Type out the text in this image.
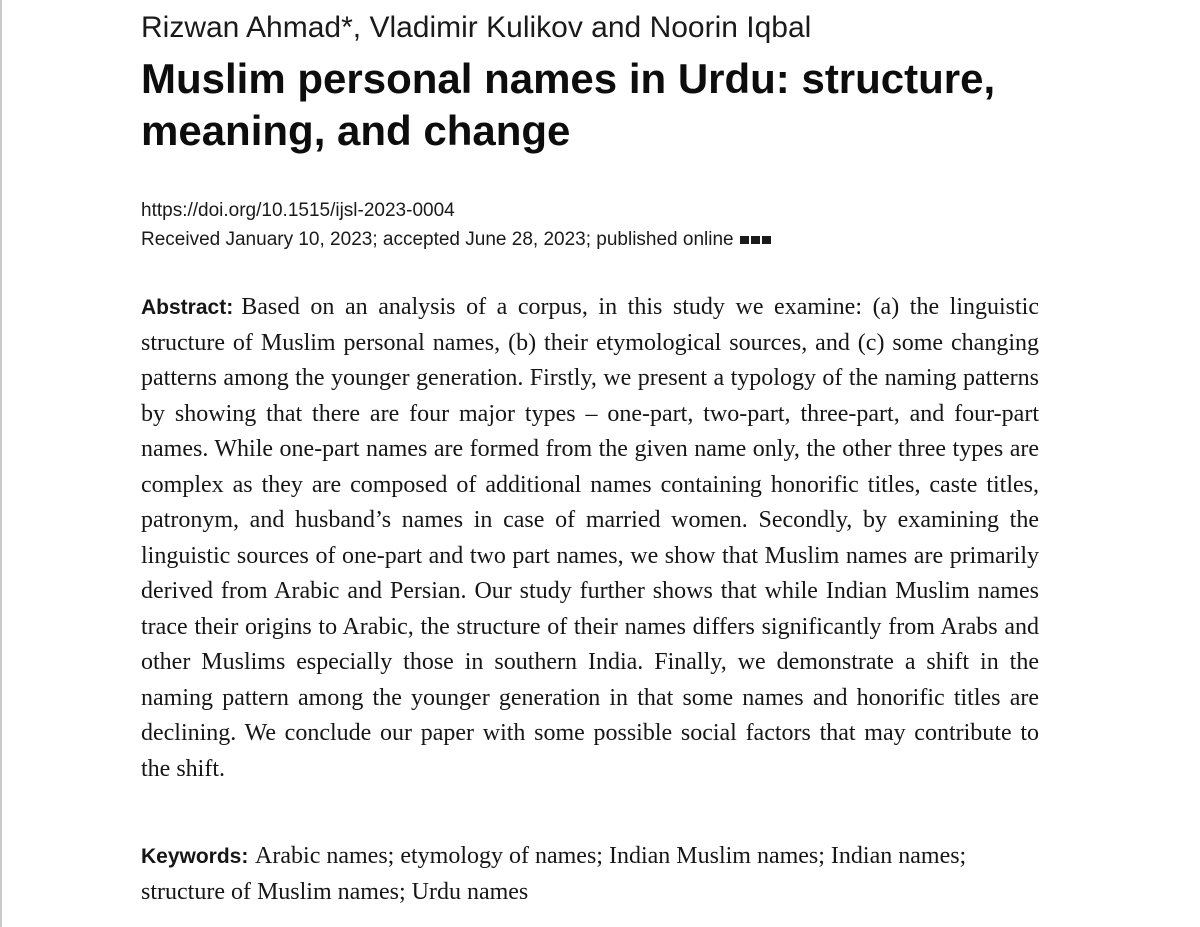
Rizwan Ahmad*, Vladimir Kulikov and Noorin Iqbal
Muslim personal names in Urdu: structure, meaning, and change
https://doi.org/10.1515/ijsl-2023-0004
Received January 10, 2023; accepted June 28, 2023; published online

Abstract: Based on an analysis of a corpus, in this study we examine: (a) the linguistic structure of Muslim personal names, (b) their etymological sources, and (c) some changing patterns among the younger generation. Firstly, we present a typology of the naming patterns by showing that there are four major types – one-part, two-part, three-part, and four-part names. While one-part names are formed from the given name only, the other three types are complex as they are composed of additional names containing honorific titles, caste titles, patronym, and husband’s names in case of married women. Secondly, by examining the linguistic sources of one-part and two part names, we show that Muslim names are primarily derived from Arabic and Persian. Our study further shows that while Indian Muslim names trace their origins to Arabic, the structure of their names differs significantly from Arabs and other Muslims especially those in southern India. Finally, we demonstrate a shift in the naming pattern among the younger generation in that some names and honorific titles are declining. We conclude our paper with some possible social factors that may contribute to the shift.

Keywords: Arabic names; etymology of names; Indian Muslim names; Indian names; structure of Muslim names; Urdu names
